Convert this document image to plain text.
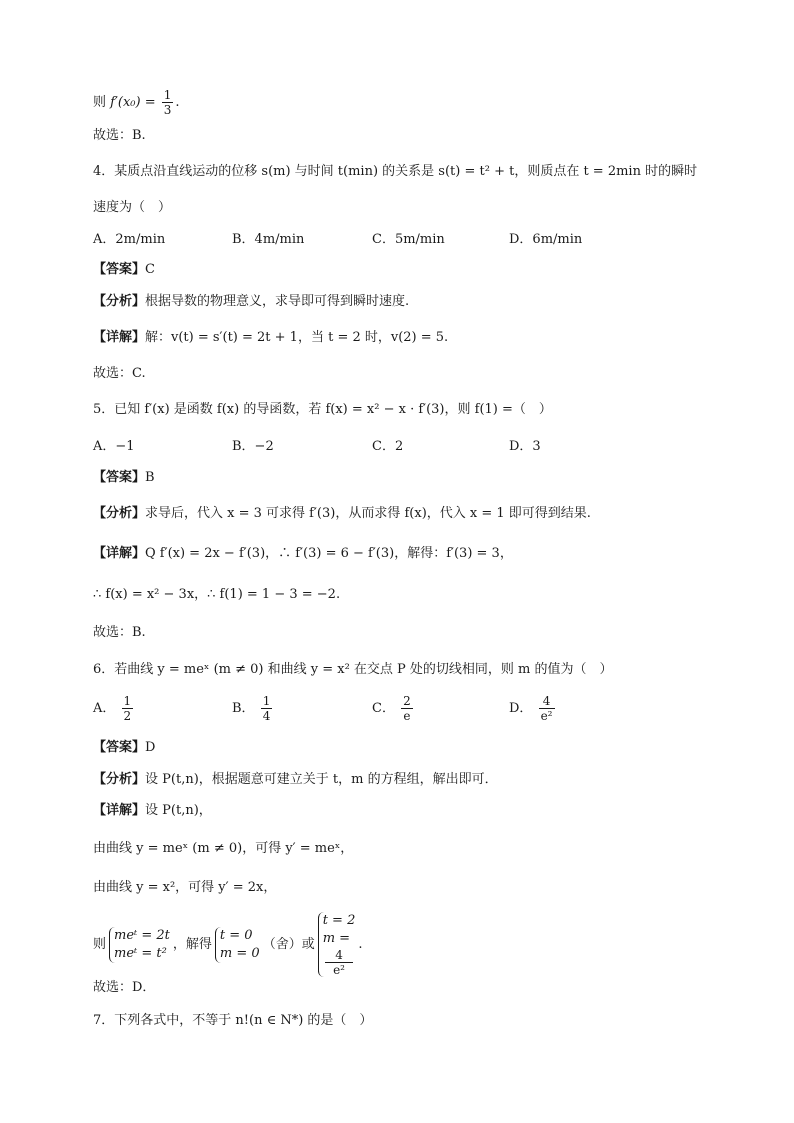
则 $f'(x_0) = \frac{1}{3}$ .
故选：B.
4．某质点沿直线运动的位移 s(m) 与时间 t(min) 的关系是 s(t) = t² + t，则质点在 t = 2min 时的瞬时
速度为（　）
A．2m/min	B．4m/min	C．5m/min	D．6m/min
【答案】C
【分析】根据导数的物理意义，求导即可得到瞬时速度.
【详解】解：v(t) = s′(t) = 2t + 1，当 t = 2 时，v(2) = 5.
故选：C.
5．已知 f′(x) 是函数 f(x) 的导函数，若 f(x) = x² − x · f′(3)，则 f(1) =（　）
A．−1	B．−2	C．2	D．3
【答案】B
【分析】求导后，代入 x = 3 可求得 f′(3)，从而求得 f(x)，代入 x = 1 即可得到结果.
【详解】Q f′(x) = 2x − f′(3)，∴ f′(3) = 6 − f′(3)，解得：f′(3) = 3，
∴ f(x) = x² − 3x，∴ f(1) = 1 − 3 = −2.
故选：B.
6．若曲线 y = meˣ (m ≠ 0) 和曲线 y = x² 在交点 P 处的切线相同，则 m 的值为（　）
A． $\frac{1}{2}$	B． $\frac{1}{4}$	C． $\frac{2}{e}$	D． $\frac{4}{\text{e²}}$
【答案】D
【分析】设 P(t,n)，根据题意可建立关于 t，m 的方程组，解出即可．
【详解】设 P(t,n)，
由曲线 y = meˣ (m ≠ 0)，可得 y′ = meˣ，
由曲线 y = x²，可得 y′ = 2x，
则
meᵗ = 2t
meᵗ = t²
，解得
t = 0
m = 0
（舍）或
t = 2
m =
4
e²
.
故选：D．
7．下列各式中，不等于 n!(n ∈ N*) 的是（　）
